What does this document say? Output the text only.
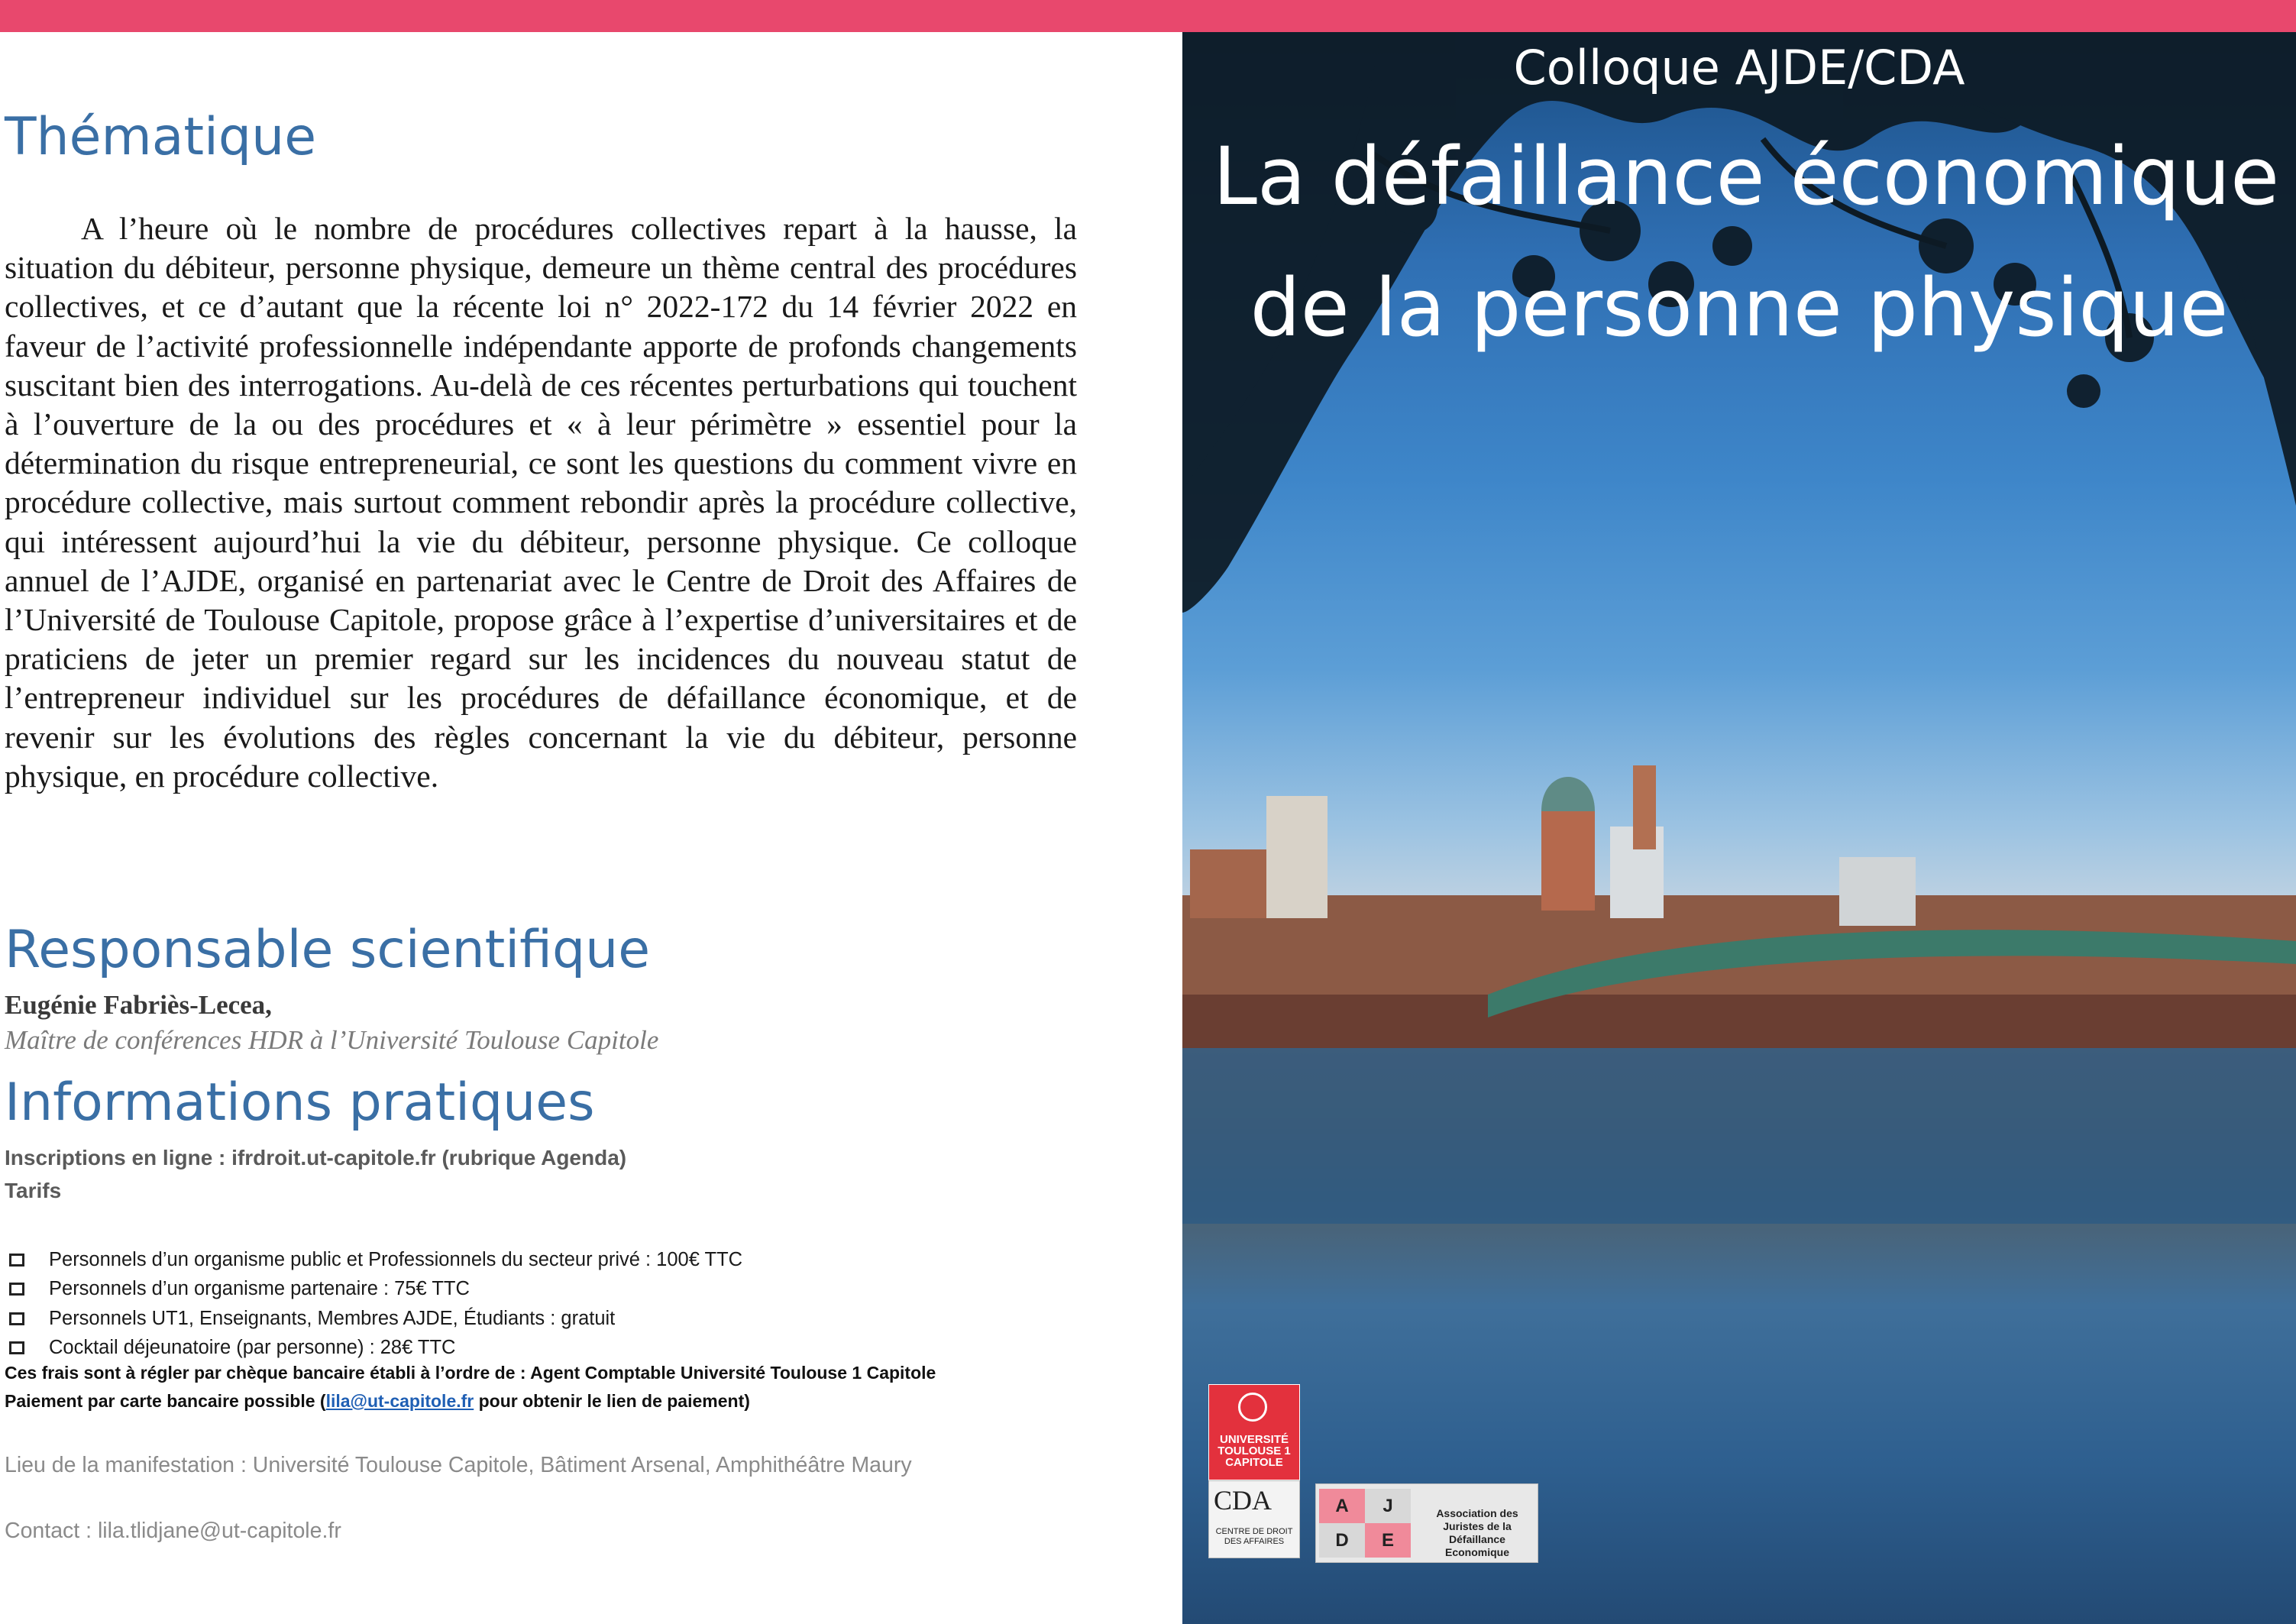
Thématique

A l’heure où le nombre de procédures collectives repart à la hausse, la situation du débiteur, personne physique, demeure un thème central des procédures collectives, et ce d’autant que la récente loi n° 2022-172 du 14 février 2022 en faveur de l’activité professionnelle indépendante apporte de profonds changements suscitant bien des interrogations. Au-delà de ces récentes perturbations qui touchent à l’ouverture de la ou des procédures et « à leur périmètre » essentiel pour la détermination du risque entrepreneurial, ce sont les questions du comment vivre en procédure collective, mais surtout comment rebondir après la procédure collective, qui intéressent aujourd’hui la vie du débiteur, personne physique. Ce colloque annuel de l’AJDE, organisé en partenariat avec le Centre de Droit des Affaires de l’Université de Toulouse Capitole, propose grâce à l’expertise d’universitaires et de praticiens de jeter un premier regard sur les incidences du nouveau statut de l’entrepreneur individuel sur les procédures de défaillance économique, et de revenir sur les évolutions des règles concernant la vie du débiteur, personne physique, en procédure collective.

Responsable scientifique
Eugénie Fabriès-Lecea,
Maître de conférences HDR à l’Université Toulouse Capitole
Informations pratiques
Inscriptions en ligne : ifrdroit.ut-capitole.fr (rubrique Agenda)
Tarifs
Personnels d’un organisme public et Professionnels du secteur privé : 100€ TTC
Personnels d’un organisme partenaire : 75€ TTC
Personnels UT1, Enseignants, Membres AJDE, Étudiants : gratuit
Cocktail déjeunatoire (par personne) : 28€ TTC
Ces frais sont à régler par chèque bancaire établi à l’ordre de : Agent Comptable Université Toulouse 1 Capitole
Paiement par carte bancaire possible (lila@ut-capitole.fr pour obtenir le lien de paiement)
Lieu de la manifestation : Université Toulouse Capitole, Bâtiment Arsenal, Amphithéâtre Maury
Contact : lila.tlidjane@ut-capitole.fr
Colloque AJDE/CDA
La défaillance économique
de la personne physique
UNIVERSITÉ TOULOUSE 1 CAPITOLE
CDA
CENTRE DE DROIT DES AFFAIRES
A	J
D	E
Association des Juristes de la Défaillance Economique
